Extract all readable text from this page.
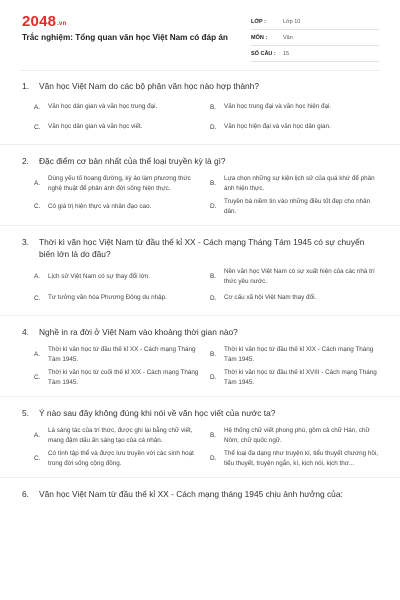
2048.vn
Trắc nghiệm: Tổng quan văn học Việt Nam có đáp án
LỚP :	Lớp 10
MÔN :	Văn
SỐ CÂU :	15
1.	Văn học Việt Nam do các bộ phận văn học nào hợp thành?
A.	Văn học dân gian và văn học trung đại.	B.	Văn học trung đại và văn học hiện đại.
C.	Văn học dân gian và văn học viết.	D.	Văn học hiện đại và văn học dân gian.
2.	Đặc điểm cơ bản nhất của thể loại truyền kỳ là gì?
A.
Dùng yếu tố hoang đường, kỳ ảo làm phương thức nghệ thuật để phản ánh đời sống hiện thực.
B.
Lựa chọn những sự kiện lịch sử của quá khứ để phản ánh hiện thực.
C.	Có giá trị hiện thực và nhân đạo cao.	D.
Truyền bá niềm tin vào những điều tốt đẹp cho nhân dân.
3.	Thời kì văn học Việt Nam từ đầu thế kỉ XX - Cách mạng Tháng Tám 1945 có sự chuyển biến lớn là do đâu?
A.	Lịch sử Việt Nam có sự thay đổi lớn.	B.
Nền văn học Việt Nam có sự xuất hiện của các nhà trí thức yêu nước.
C.	Tư tưởng văn hóa Phương Đông du nhập.	D.	Cơ cấu xã hội Việt Nam thay đổi.
4.	Nghề in ra đời ở Việt Nam vào khoảng thời gian nào?
A.
Thời kì văn học từ đầu thế kỉ XX - Cách mạng Tháng Tám 1945.
B.
Thời kì văn học từ đầu thế kỉ XIX - Cách mạng Tháng Tám 1945.
C.
Thời kì văn học từ cuối thế kỉ XIX - Cách mạng Tháng Tám 1945.
D.
Thời kì văn học từ đầu thế kỉ XVIII - Cách mạng Tháng Tám 1945.
5.	Ý nào sau đây không đúng khi nói về văn học viết của nước ta?
A.
Là sáng tác của trí thức, được ghi lại bằng chữ viết, mang đậm dấu ấn sáng tạo của cá nhân.
B.
Hệ thống chữ viết phong phú, gồm cả chữ Hán, chữ Nôm, chữ quốc ngữ.
C.
Có tính tập thể và được lưu truyền với các sinh hoạt trong đời sống cộng đồng.
D.
Thể loại đa dạng như truyện kí, tiểu thuyết chương hồi, tiểu thuyết, truyện ngắn, kí, kịch nói, kịch thơ...
6.	Văn học Việt Nam từ đầu thế kỉ XX - Cách mạng tháng 1945 chịu ảnh hưởng của:
